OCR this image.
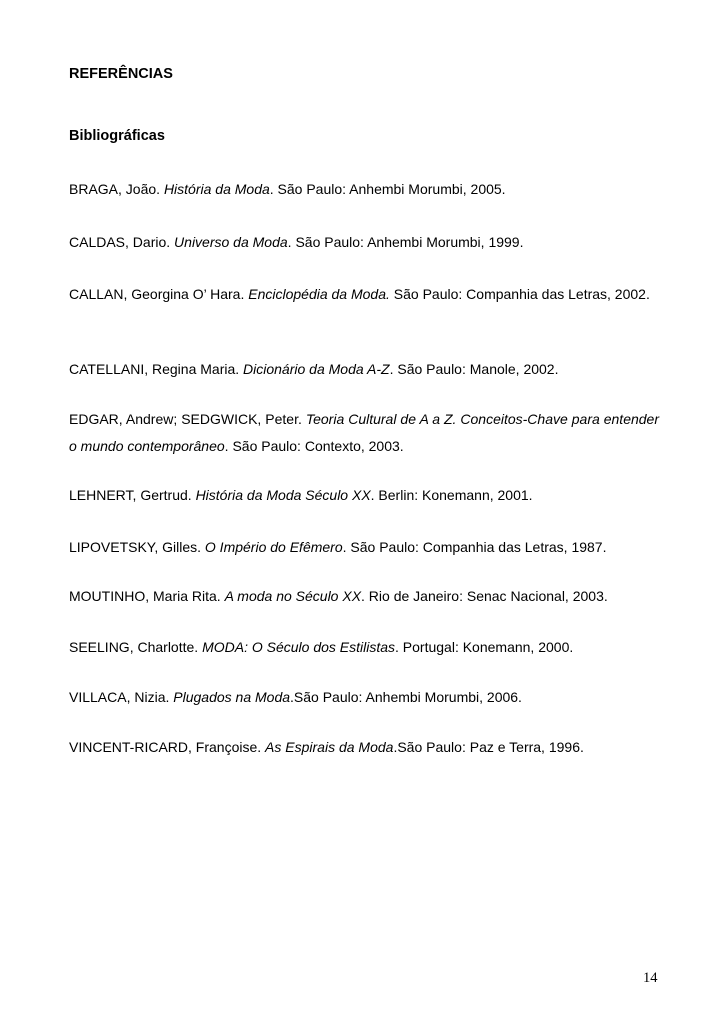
REFERÊNCIAS
Bibliográficas
BRAGA, João. História da Moda. São Paulo: Anhembi Morumbi, 2005.
CALDAS, Dario. Universo da Moda. São Paulo: Anhembi Morumbi, 1999.
CALLAN, Georgina O’ Hara. Enciclopédia da Moda. São Paulo: Companhia das Letras, 2002.
CATELLANI, Regina Maria. Dicionário da Moda A-Z. São Paulo: Manole, 2002.
EDGAR, Andrew; SEDGWICK, Peter. Teoria Cultural de A a Z. Conceitos-Chave para entender o mundo contemporâneo. São Paulo: Contexto, 2003.
LEHNERT, Gertrud. História da Moda Século XX. Berlin: Konemann, 2001.
LIPOVETSKY, Gilles. O Império do Efêmero. São Paulo: Companhia das Letras, 1987.
MOUTINHO, Maria Rita. A moda no Século XX. Rio de Janeiro: Senac Nacional, 2003.
SEELING, Charlotte. MODA: O Século dos Estilistas. Portugal: Konemann, 2000.
VILLACA, Nizia. Plugados na Moda.São Paulo: Anhembi Morumbi, 2006.
VINCENT-RICARD, Françoise. As Espirais da Moda.São Paulo: Paz e Terra, 1996.
14
